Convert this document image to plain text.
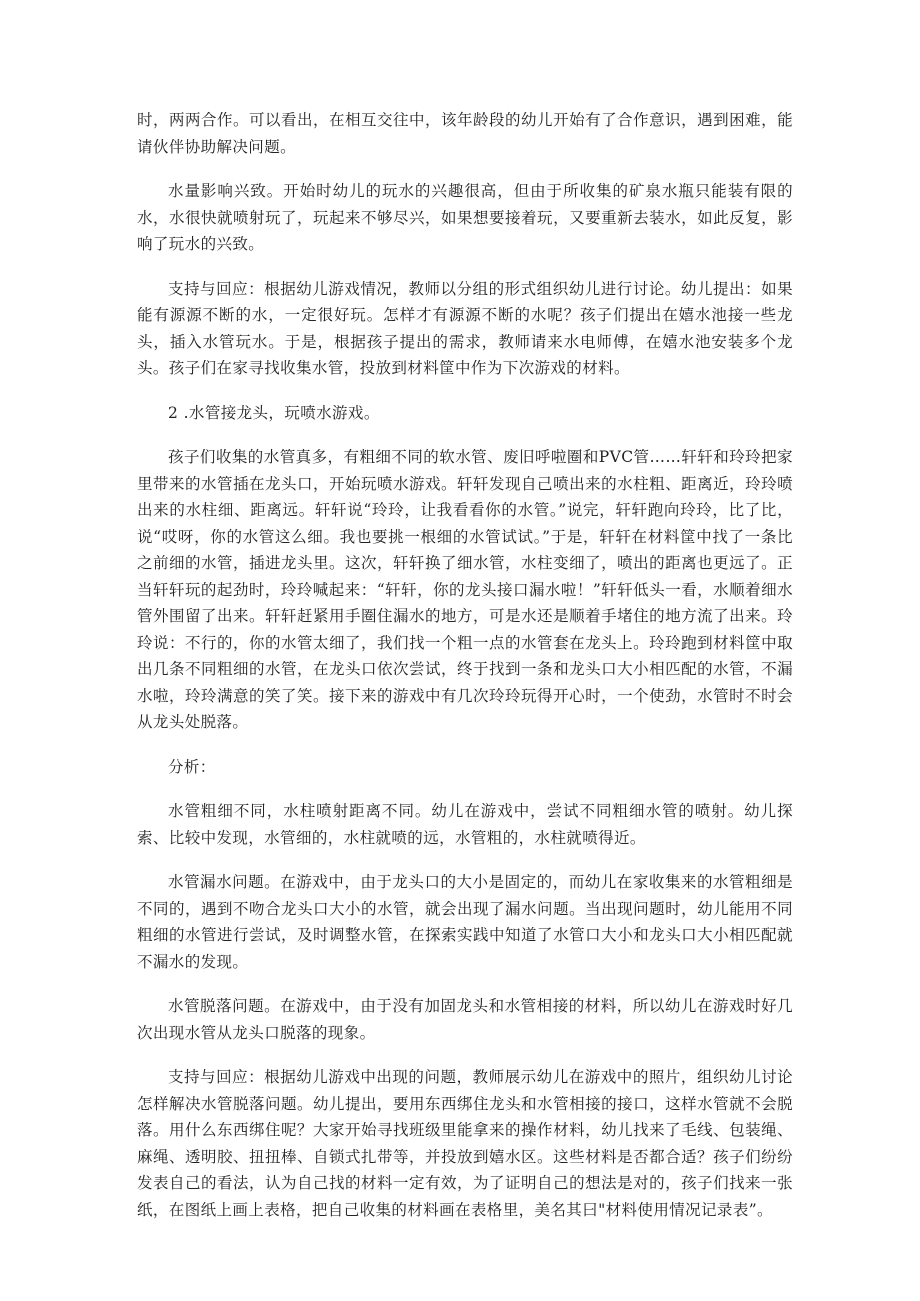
时，两两合作。可以看出，在相互交往中，该年龄段的幼儿开始有了合作意识，遇到困难，能请伙伴协助解决问题。

水量影响兴致。开始时幼儿的玩水的兴趣很高，但由于所收集的矿泉水瓶只能装有限的水，水很快就喷射玩了，玩起来不够尽兴，如果想要接着玩，又要重新去装水，如此反复，影响了玩水的兴致。

支持与回应：根据幼儿游戏情况，教师以分组的形式组织幼儿进行讨论。幼儿提出：如果能有源源不断的水，一定很好玩。怎样才有源源不断的水呢？孩子们提出在嬉水池接一些龙头，插入水管玩水。于是，根据孩子提出的需求，教师请来水电师傅，在嬉水池安装多个龙头。孩子们在家寻找收集水管，投放到材料筐中作为下次游戏的材料。

2 .水管接龙头，玩喷水游戏。

孩子们收集的水管真多，有粗细不同的软水管、废旧呼啦圈和PVC管……轩轩和玲玲把家里带来的水管插在龙头口，开始玩喷水游戏。轩轩发现自己喷出来的水柱粗、距离近，玲玲喷出来的水柱细、距离远。轩轩说“玲玲，让我看看你的水管。”说完，轩轩跑向玲玲，比了比，说“哎呀，你的水管这么细。我也要挑一根细的水管试试。”于是，轩轩在材料筐中找了一条比之前细的水管，插进龙头里。这次，轩轩换了细水管，水柱变细了，喷出的距离也更远了。正当轩轩玩的起劲时，玲玲喊起来：“轩轩，你的龙头接口漏水啦！”轩轩低头一看，水顺着细水管外围留了出来。轩轩赶紧用手圈住漏水的地方，可是水还是顺着手堵住的地方流了出来。玲玲说：不行的，你的水管太细了，我们找一个粗一点的水管套在龙头上。玲玲跑到材料筐中取出几条不同粗细的水管，在龙头口依次尝试，终于找到一条和龙头口大小相匹配的水管，不漏水啦，玲玲满意的笑了笑。接下来的游戏中有几次玲玲玩得开心时，一个使劲，水管时不时会从龙头处脱落。

分析：

水管粗细不同，水柱喷射距离不同。幼儿在游戏中，尝试不同粗细水管的喷射。幼儿探索、比较中发现，水管细的，水柱就喷的远，水管粗的，水柱就喷得近。

水管漏水问题。在游戏中，由于龙头口的大小是固定的，而幼儿在家收集来的水管粗细是不同的，遇到不吻合龙头口大小的水管，就会出现了漏水问题。当出现问题时，幼儿能用不同粗细的水管进行尝试，及时调整水管，在探索实践中知道了水管口大小和龙头口大小相匹配就不漏水的发现。

水管脱落问题。在游戏中，由于没有加固龙头和水管相接的材料，所以幼儿在游戏时好几次出现水管从龙头口脱落的现象。

支持与回应：根据幼儿游戏中出现的问题，教师展示幼儿在游戏中的照片，组织幼儿讨论怎样解决水管脱落问题。幼儿提出，要用东西绑住龙头和水管相接的接口，这样水管就不会脱落。用什么东西绑住呢？大家开始寻找班级里能拿来的操作材料，幼儿找来了毛线、包装绳、麻绳、透明胶、扭扭棒、自锁式扎带等，并投放到嬉水区。这些材料是否都合适？孩子们纷纷发表自己的看法，认为自己找的材料一定有效，为了证明自己的想法是对的，孩子们找来一张纸，在图纸上画上表格，把自己收集的材料画在表格里，美名其曰"材料使用情况记录表”。
